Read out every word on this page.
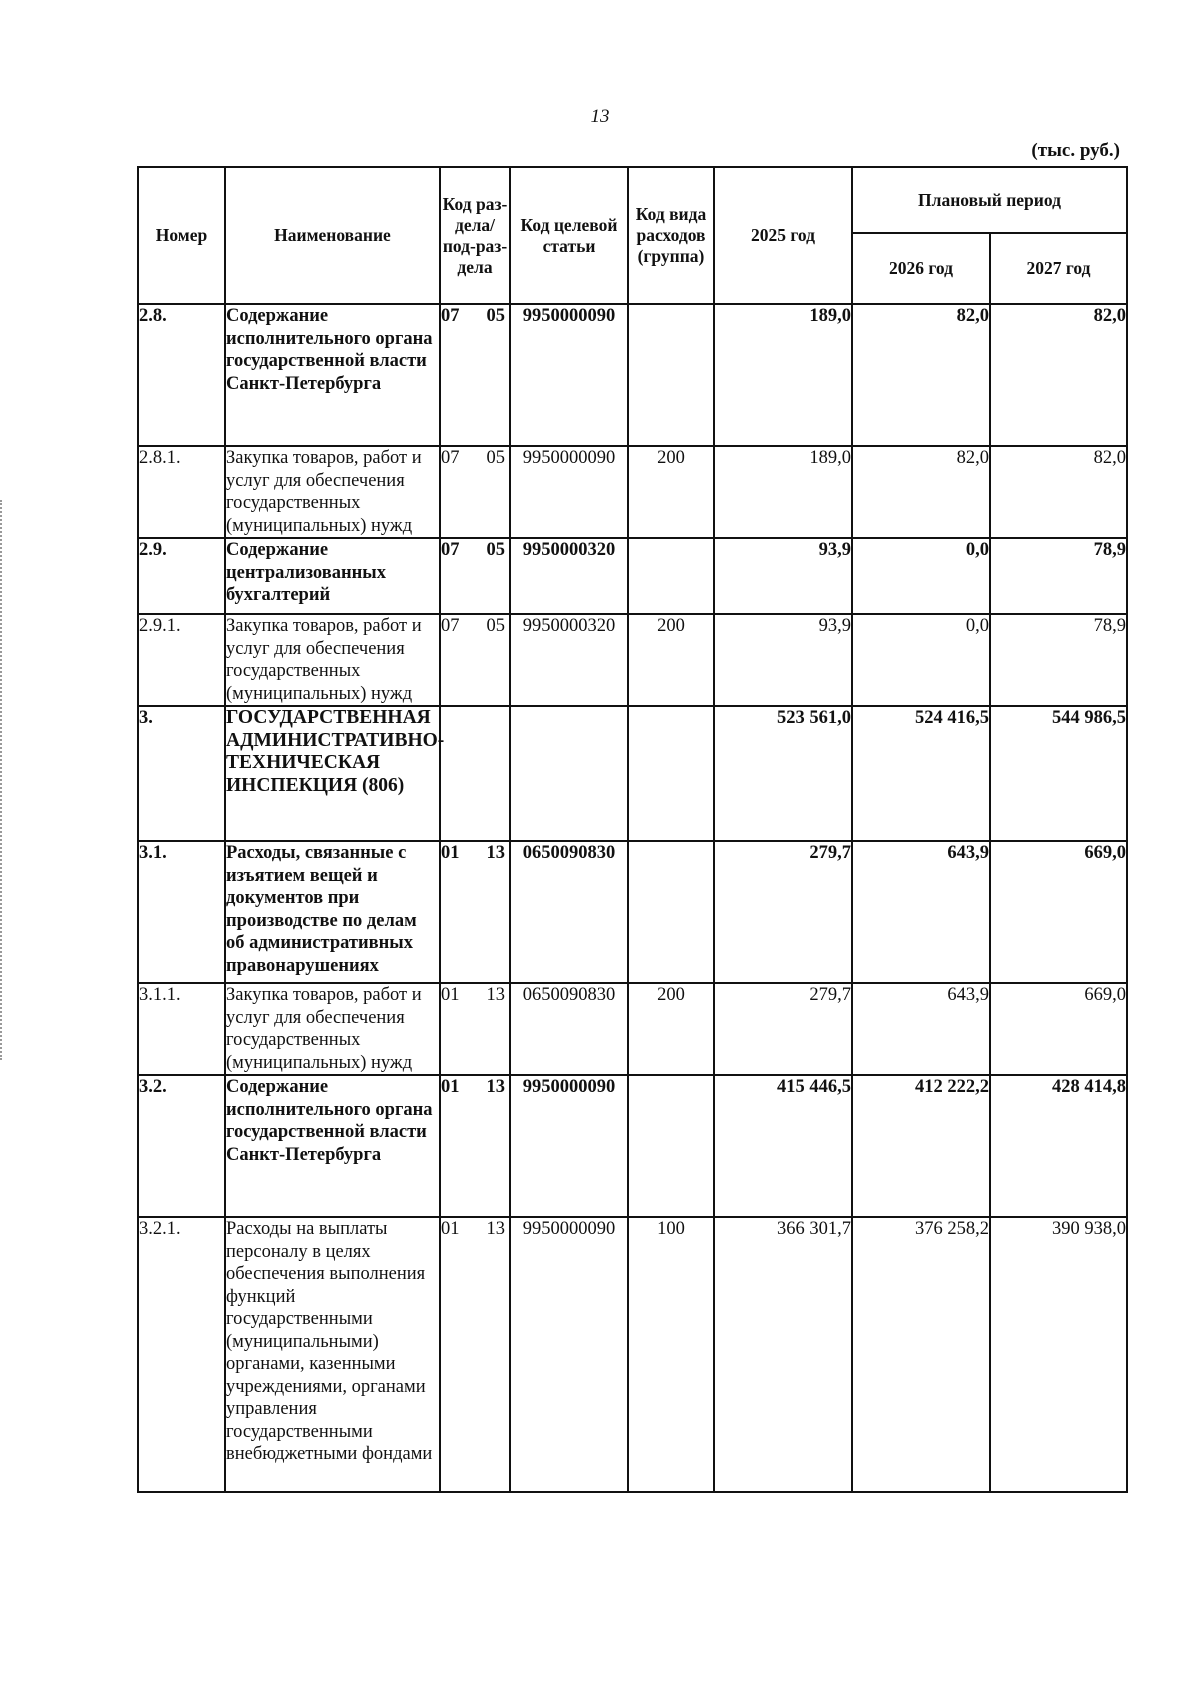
13
(тыс. руб.)
Номер	Наименование	Код раз-дела/ под-раз-дела	Код целевой статьи	Код вида расходов (группа)	2025 год	Плановый период	
						2026 год	2027 год
2.8.	Содержание исполнительного органа государственной власти Санкт-Петербурга	07 05	9950000090		189,0	82,0	82,0
2.8.1.	Закупка товаров, работ и услуг для обеспечения государственных (муниципальных) нужд	07 05	9950000090	200	189,0	82,0	82,0
2.9.	Содержание централизованных бухгалтерий	07 05	9950000320		93,9	0,0	78,9
2.9.1.	Закупка товаров, работ и услуг для обеспечения государственных (муниципальных) нужд	07 05	9950000320	200	93,9	0,0	78,9
3.	ГОСУДАРСТВЕННАЯ АДМИНИСТРАТИВНО-ТЕХНИЧЕСКАЯ ИНСПЕКЦИЯ (806)				523 561,0	524 416,5	544 986,5
3.1.	Расходы, связанные с изъятием вещей и документов при производстве по делам об административных правонарушениях	01 13	0650090830		279,7	643,9	669,0
3.1.1.	Закупка товаров, работ и услуг для обеспечения государственных (муниципальных) нужд	01 13	0650090830	200	279,7	643,9	669,0
3.2.	Содержание исполнительного органа государственной власти Санкт-Петербурга	01 13	9950000090		415 446,5	412 222,2	428 414,8
3.2.1.	Расходы на выплаты персоналу в целях обеспечения выполнения функций государственными (муниципальными) органами, казенными учреждениями, органами управления государственными внебюджетными фондами	01 13	9950000090	100	366 301,7	376 258,2	390 938,0
